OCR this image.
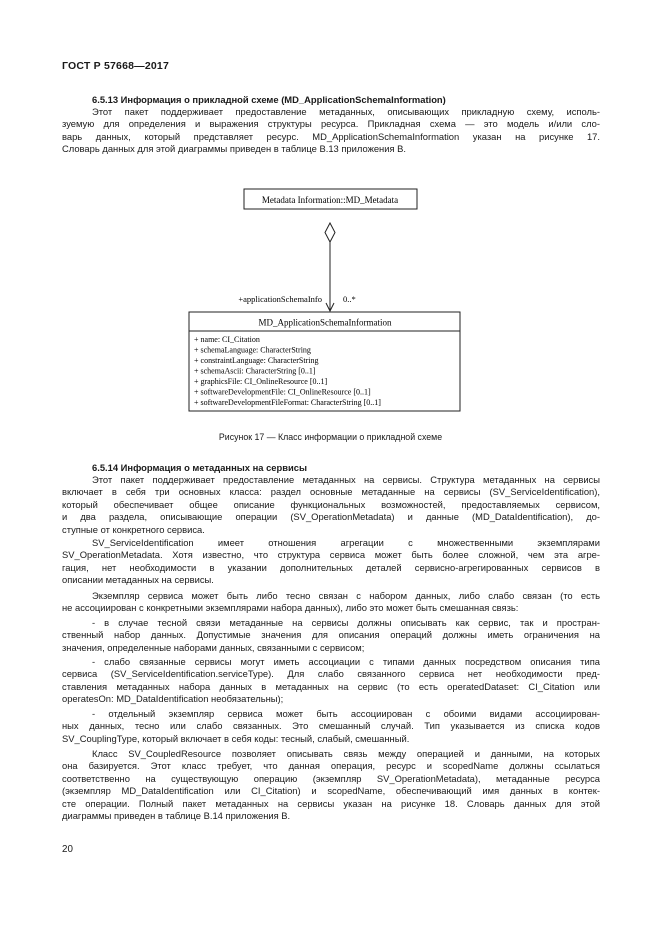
ГОСТ Р 57668—2017
6.5.13 Информация о прикладной схеме (MD_ApplicationSchemaInformation)
Этот пакет поддерживает предоставление метаданных, описывающих прикладную схему, исполь-
зуемую для определения и выражения структуры ресурса. Прикладная схема — это модель и/или сло-
варь данных, который представляет ресурс. MD_ApplicationSchemaInformation указан на рисунке 17.
Словарь данных для этой диаграммы приведен в таблице В.13 приложения В.
Metadata Information::MD_Metadata
+applicationSchemaInfo 0..*
MD_ApplicationSchemaInformation
+ name: CI_Citation
+ schemaLanguage: CharacterString
+ constraintLanguage: CharacterString
+ schemaAscii: CharacterString [0..1]
+ graphicsFile: CI_OnlineResource [0..1]
+ softwareDevelopmentFile: CI_OnlineResource [0..1]
+ softwareDevelopmentFileFormat: CharacterString [0..1]
Рисунок 17 — Класс информации о прикладной схеме
6.5.14 Информация о метаданных на сервисы
Этот пакет поддерживает предоставление метаданных на сервисы. Структура метаданных на сервисы
включает в себя три основных класса: раздел основные метаданные на сервисы (SV_ServiceIdentification),
который обеспечивает общее описание функциональных возможностей, предоставляемых сервисом,
и два раздела, описывающие операции (SV_OperationMetadata) и данные (MD_DataIdentification), до-
ступные от конкретного сервиса.
SV_ServiceIdentification имеет отношения агрегации с множественными экземплярами
SV_OperationMetadata. Хотя известно, что структура сервиса может быть более сложной, чем эта агре-
гация, нет необходимости в указании дополнительных деталей сервисно-агрегированных сервисов в
описании метаданных на сервисы.
Экземпляр сервиса может быть либо тесно связан с набором данных, либо слабо связан (то есть
не ассоциирован с конкретными экземплярами набора данных), либо это может быть смешанная связь:
- в случае тесной связи метаданные на сервисы должны описывать как сервис, так и простран-
ственный набор данных. Допустимые значения для описания операций должны иметь ограничения на
значения, определенные наборами данных, связанными с сервисом;
- слабо связанные сервисы могут иметь ассоциации с типами данных посредством описания типа
сервиса (SV_ServiceIdentification.serviceType). Для слабо связанного сервиса нет необходимости пред-
ставления метаданных набора данных в метаданных на сервис (то есть operatedDataset: CI_Citation или
operatesOn: MD_DataIdentification необязательны);
- отдельный экземпляр сервиса может быть ассоциирован с обоими видами ассоциирован-
ных данных, тесно или слабо связанных. Это смешанный случай. Тип указывается из списка кодов
SV_CouplingType, который включает в себя коды: тесный, слабый, смешанный.
Класс SV_CoupledResource позволяет описывать связь между операцией и данными, на которых
она базируется. Этот класс требует, что данная операция, ресурс и scopedName должны ссылаться
соответственно на существующую операцию (экземпляр SV_OperationMetadata), метаданные ресурса
(экземпляр MD_DataIdentification или CI_Citation) и scopedName, обеспечивающий имя данных в контек-
сте операции. Полный пакет метаданных на сервисы указан на рисунке 18. Словарь данных для этой
диаграммы приведен в таблице В.14 приложения В.
20
